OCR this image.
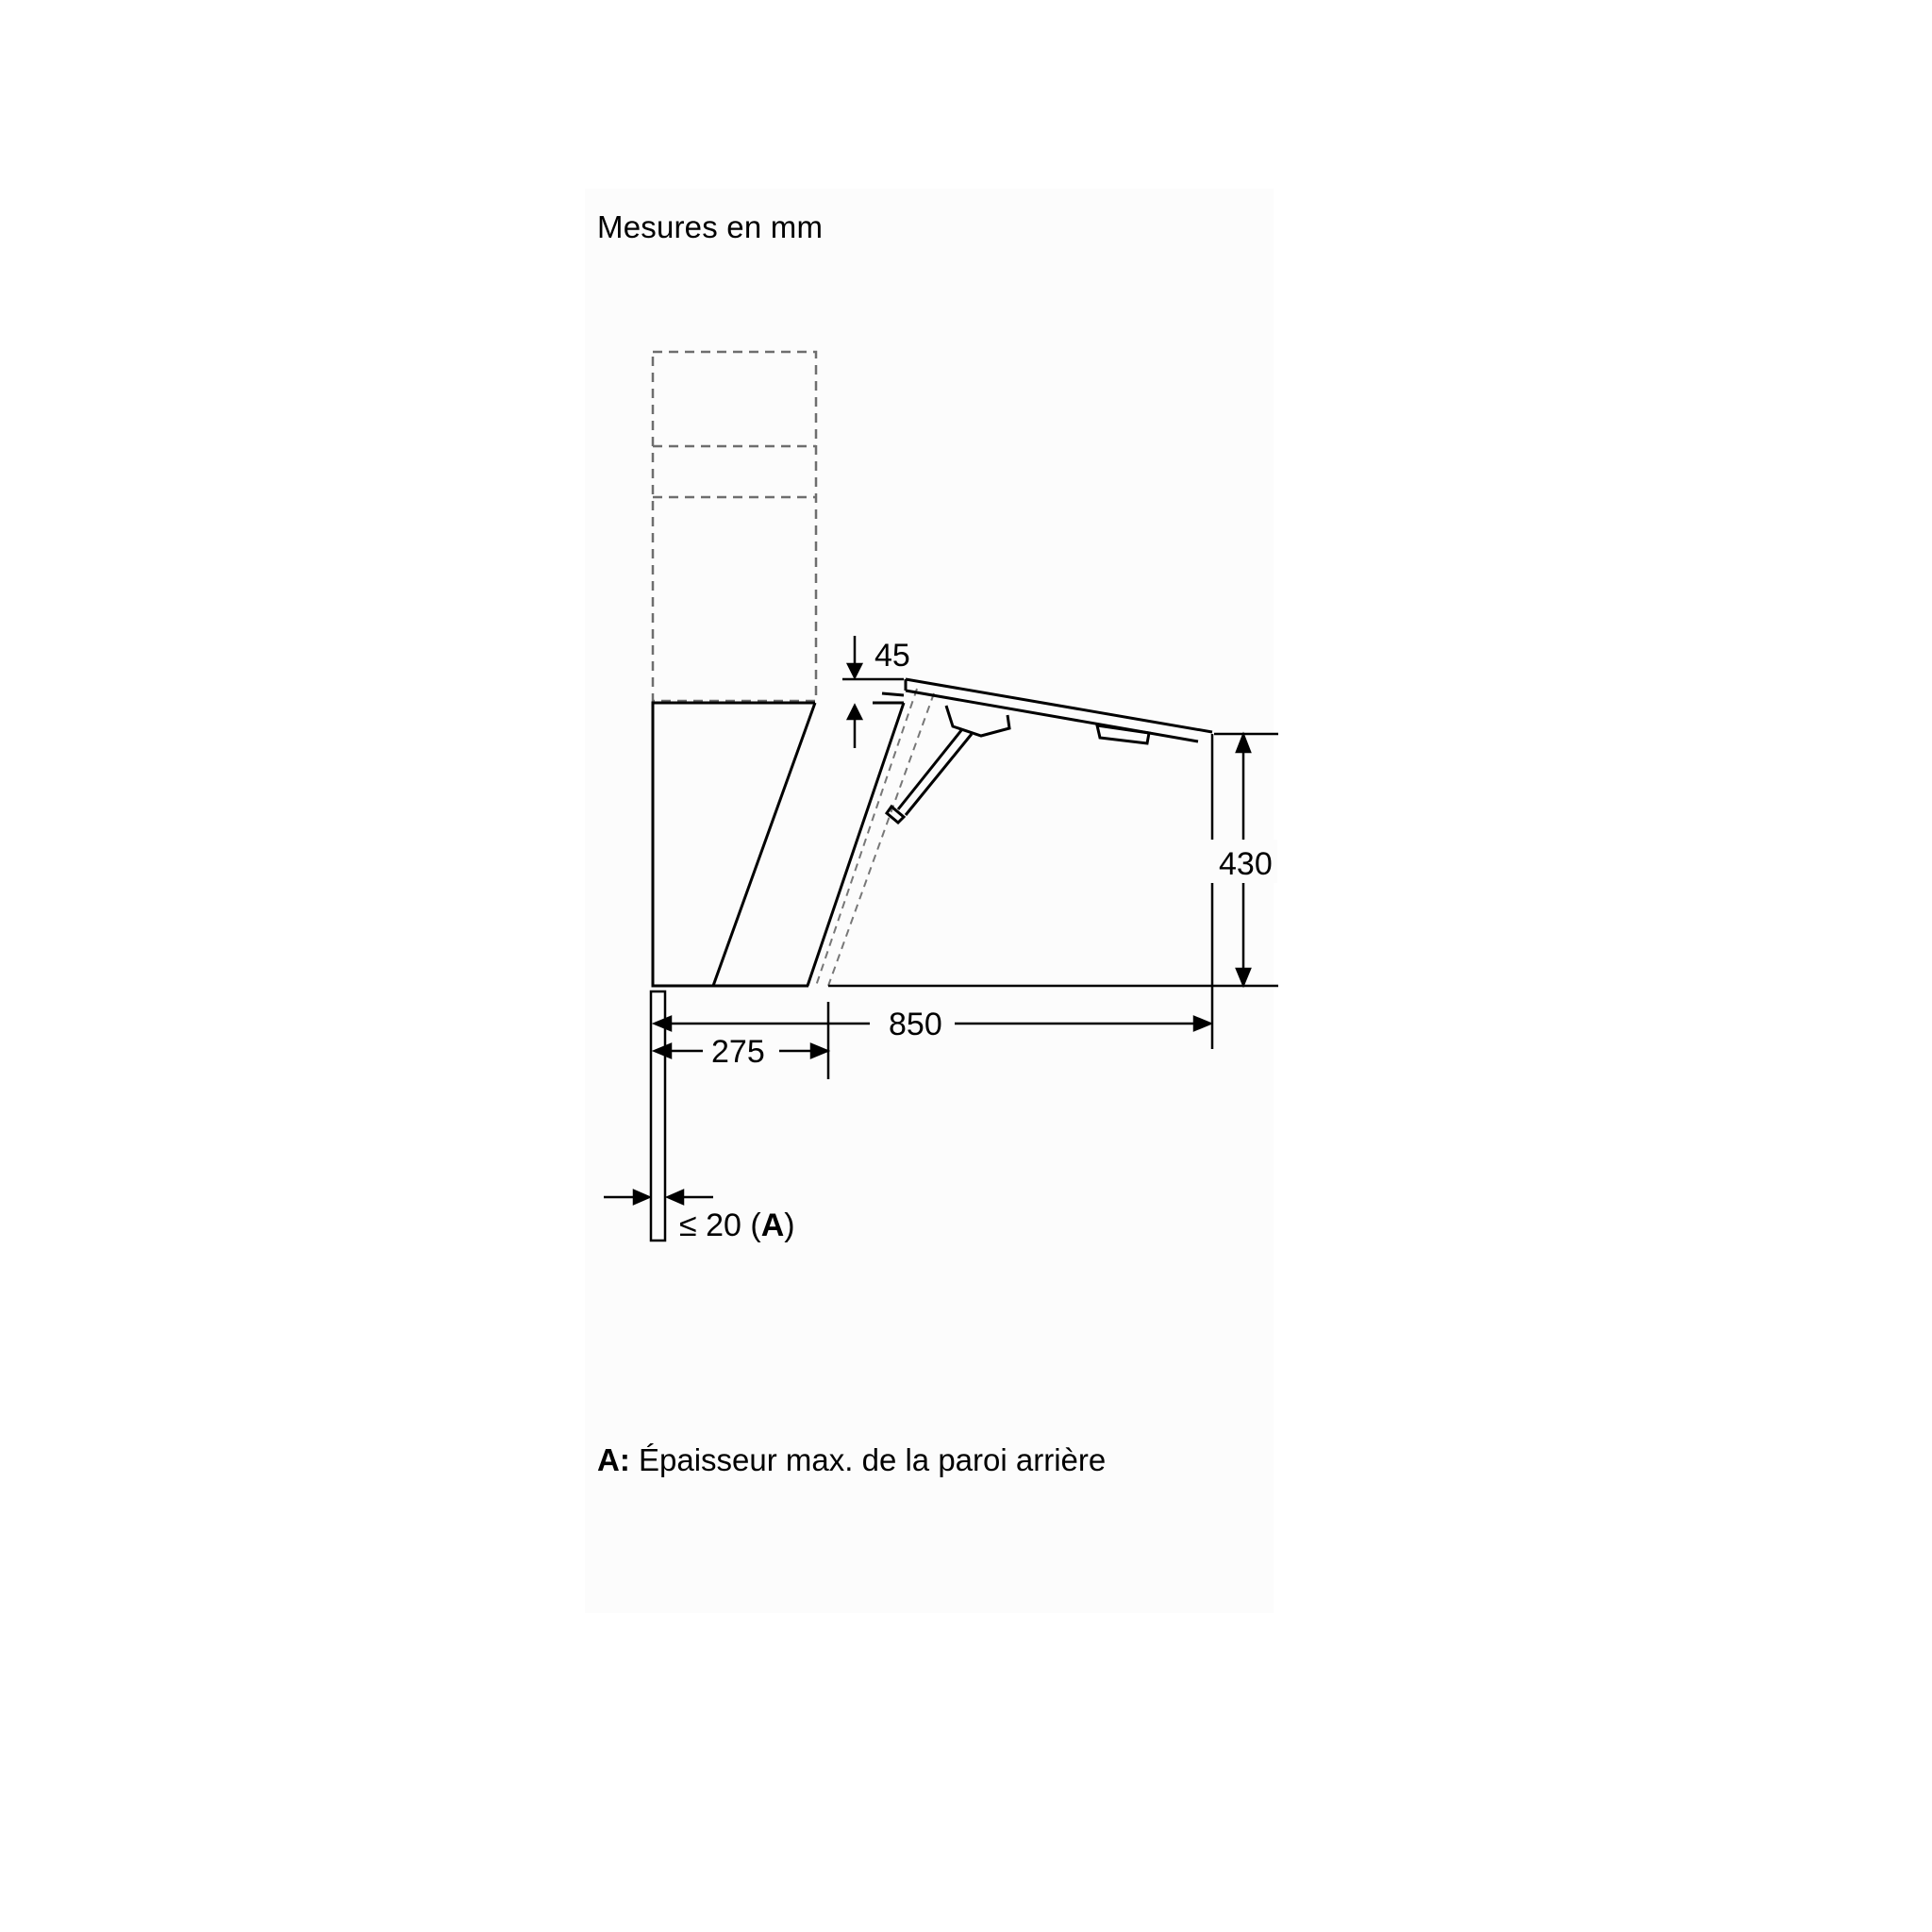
Mesures en mm
45
430
850
275
≤ 20 (A)
A: Épaisseur max. de la paroi arrière
